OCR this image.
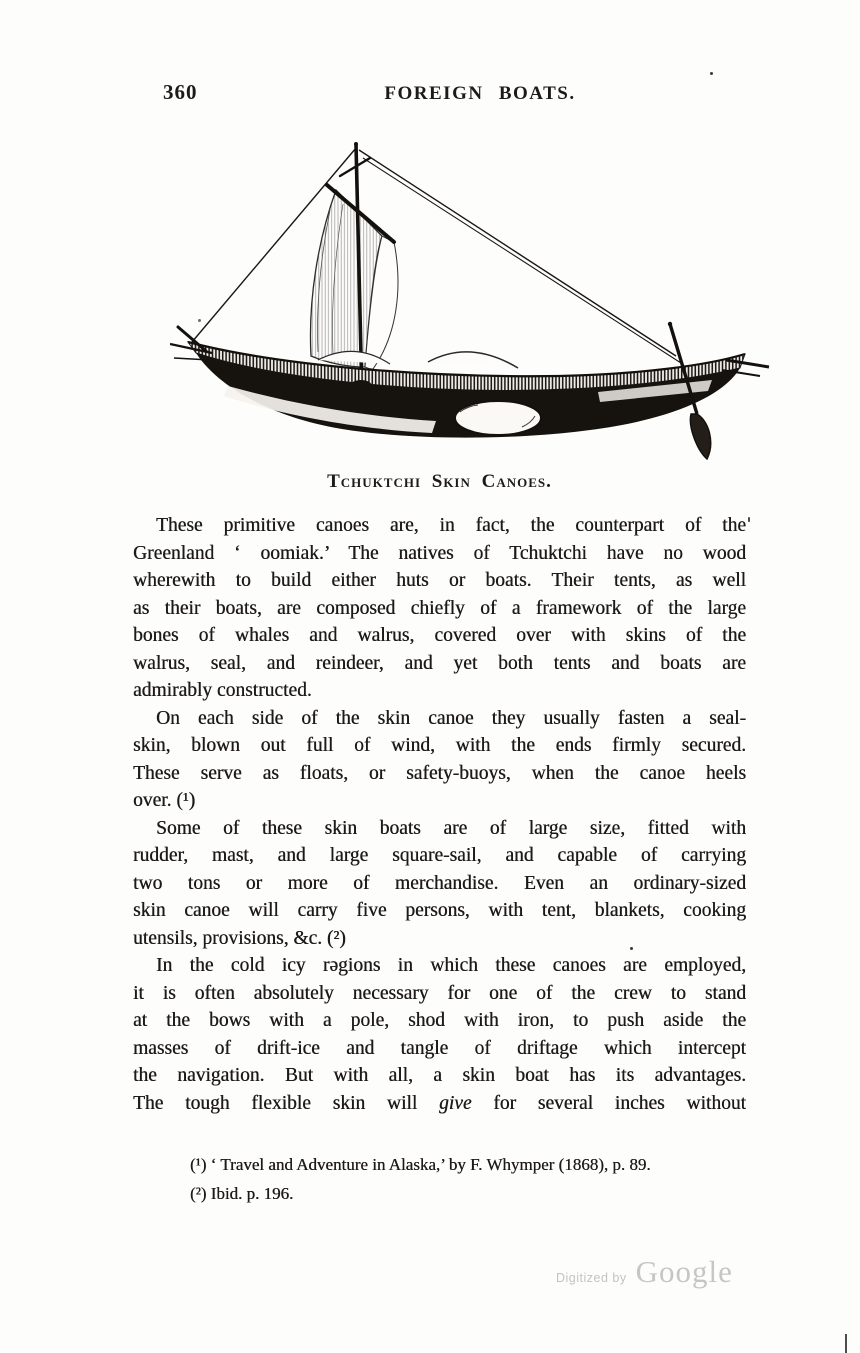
360	FOREIGN BOATS.
Tchuktchi Skin Canoes.
These primitive canoes are, in fact, the counterpart of the
Greenland ‘ oomiak.’ The natives of Tchuktchi have no wood
wherewith to build either huts or boats. Their tents, as well
as their boats, are composed chiefly of a framework of the large
bones of whales and walrus, covered over with skins of the
walrus, seal, and reindeer, and yet both tents and boats are
admirably constructed.
On each side of the skin canoe they usually fasten a seal-
skin, blown out full of wind, with the ends firmly secured.
These serve as floats, or safety-buoys, when the canoe heels
over. (¹)
Some of these skin boats are of large size, fitted with
rudder, mast, and large square-sail, and capable of carrying
two tons or more of merchandise. Even an ordinary-sized
skin canoe will carry five persons, with tent, blankets, cooking
utensils, provisions, &c. (²)
In the cold icy rəgions in which these canoes are employed,
it is often absolutely necessary for one of the crew to stand
at the bows with a pole, shod with iron, to push aside the
masses of drift-ice and tangle of driftage which intercept
the navigation. But with all, a skin boat has its advantages.
The tough flexible skin will give for several inches without
(¹) ‘ Travel and Adventure in Alaska,’ by F. Whymper (1868), p. 89.
(²) Ibid. p. 196.
Digitized by Google
